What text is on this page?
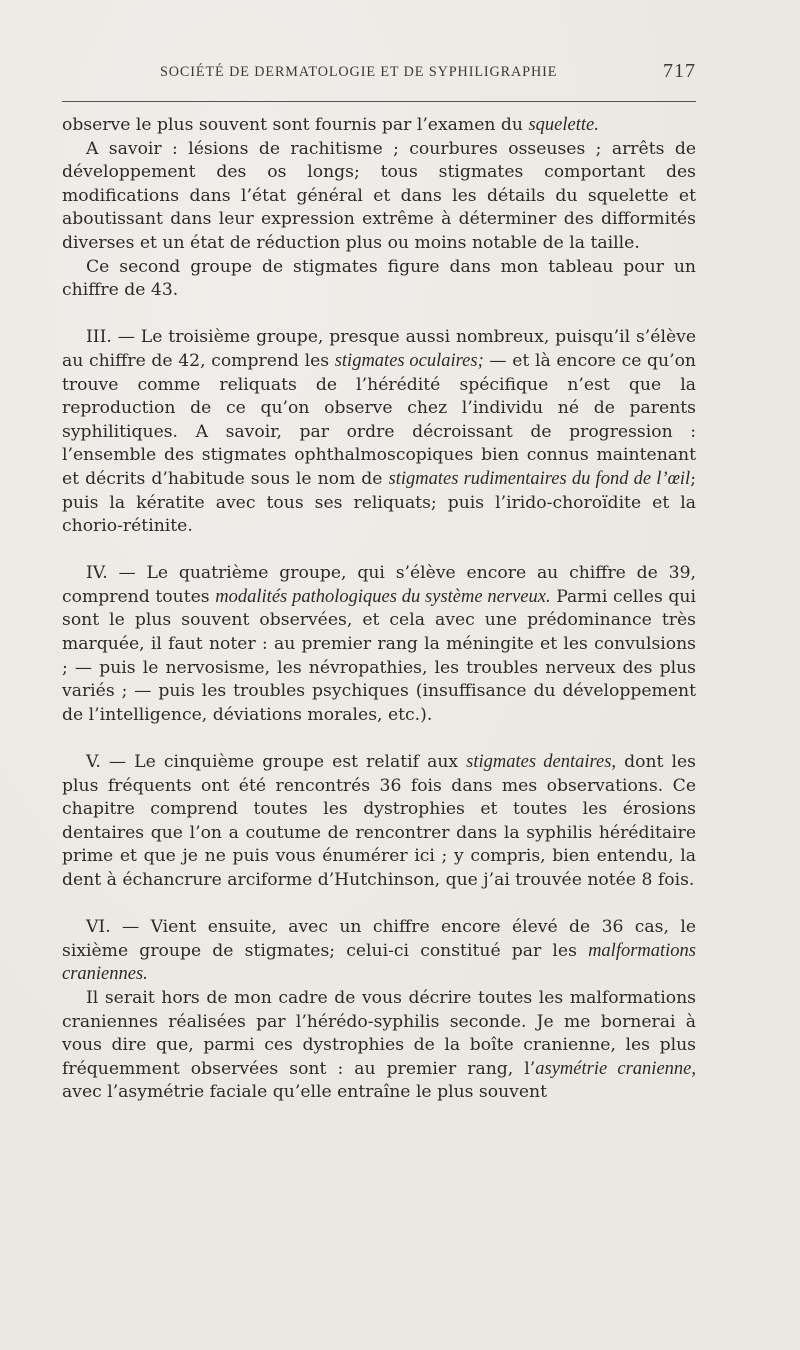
SOCIÉTÉ DE DERMATOLOGIE ET DE SYPHILIGRAPHIE	717

observe le plus souvent sont fournis par l’examen du squelette.

A savoir : lésions de rachitisme ; courbures osseuses ; arrêts de développement des os longs; tous stigmates comportant des modifications dans l’état général et dans les détails du squelette et aboutissant dans leur expression extrême à déterminer des difformités diverses et un état de réduction plus ou moins notable de la taille.

Ce second groupe de stigmates figure dans mon tableau pour un chiffre de 43.

III. — Le troisième groupe, presque aussi nombreux, puisqu’il s’élève au chiffre de 42, comprend les stigmates oculaires; — et là encore ce qu’on trouve comme reliquats de l’hérédité spécifique n’est que la reproduction de ce qu’on observe chez l’individu né de parents syphilitiques. A savoir, par ordre décroissant de progression : l’ensemble des stigmates ophthalmoscopiques bien connus maintenant et décrits d’habitude sous le nom de stigmates rudimentaires du fond de l’œil; puis la kératite avec tous ses reliquats; puis l’irido-choroïdite et la chorio-rétinite.

IV. — Le quatrième groupe, qui s’élève encore au chiffre de 39, comprend toutes modalités pathologiques du système nerveux. Parmi celles qui sont le plus souvent observées, et cela avec une prédominance très marquée, il faut noter : au premier rang la méningite et les convulsions ; — puis le nervosisme, les névropathies, les troubles nerveux des plus variés ; — puis les troubles psychiques (insuffisance du développement de l’intelligence, déviations morales, etc.).

V. — Le cinquième groupe est relatif aux stigmates dentaires, dont les plus fréquents ont été rencontrés 36 fois dans mes observations. Ce chapitre comprend toutes les dystrophies et toutes les érosions dentaires que l’on a coutume de rencontrer dans la syphilis héréditaire prime et que je ne puis vous énumérer ici ; y compris, bien entendu, la dent à échancrure arciforme d’Hutchinson, que j’ai trouvée notée 8 fois.

VI. — Vient ensuite, avec un chiffre encore élevé de 36 cas, le sixième groupe de stigmates; celui-ci constitué par les malformations craniennes.

Il serait hors de mon cadre de vous décrire toutes les malformations craniennes réalisées par l’hérédo-syphilis seconde. Je me bornerai à vous dire que, parmi ces dystrophies de la boîte cranienne, les plus fréquemment observées sont : au premier rang, l’asymétrie cranienne, avec l’asymétrie faciale qu’elle entraîne le plus souvent
